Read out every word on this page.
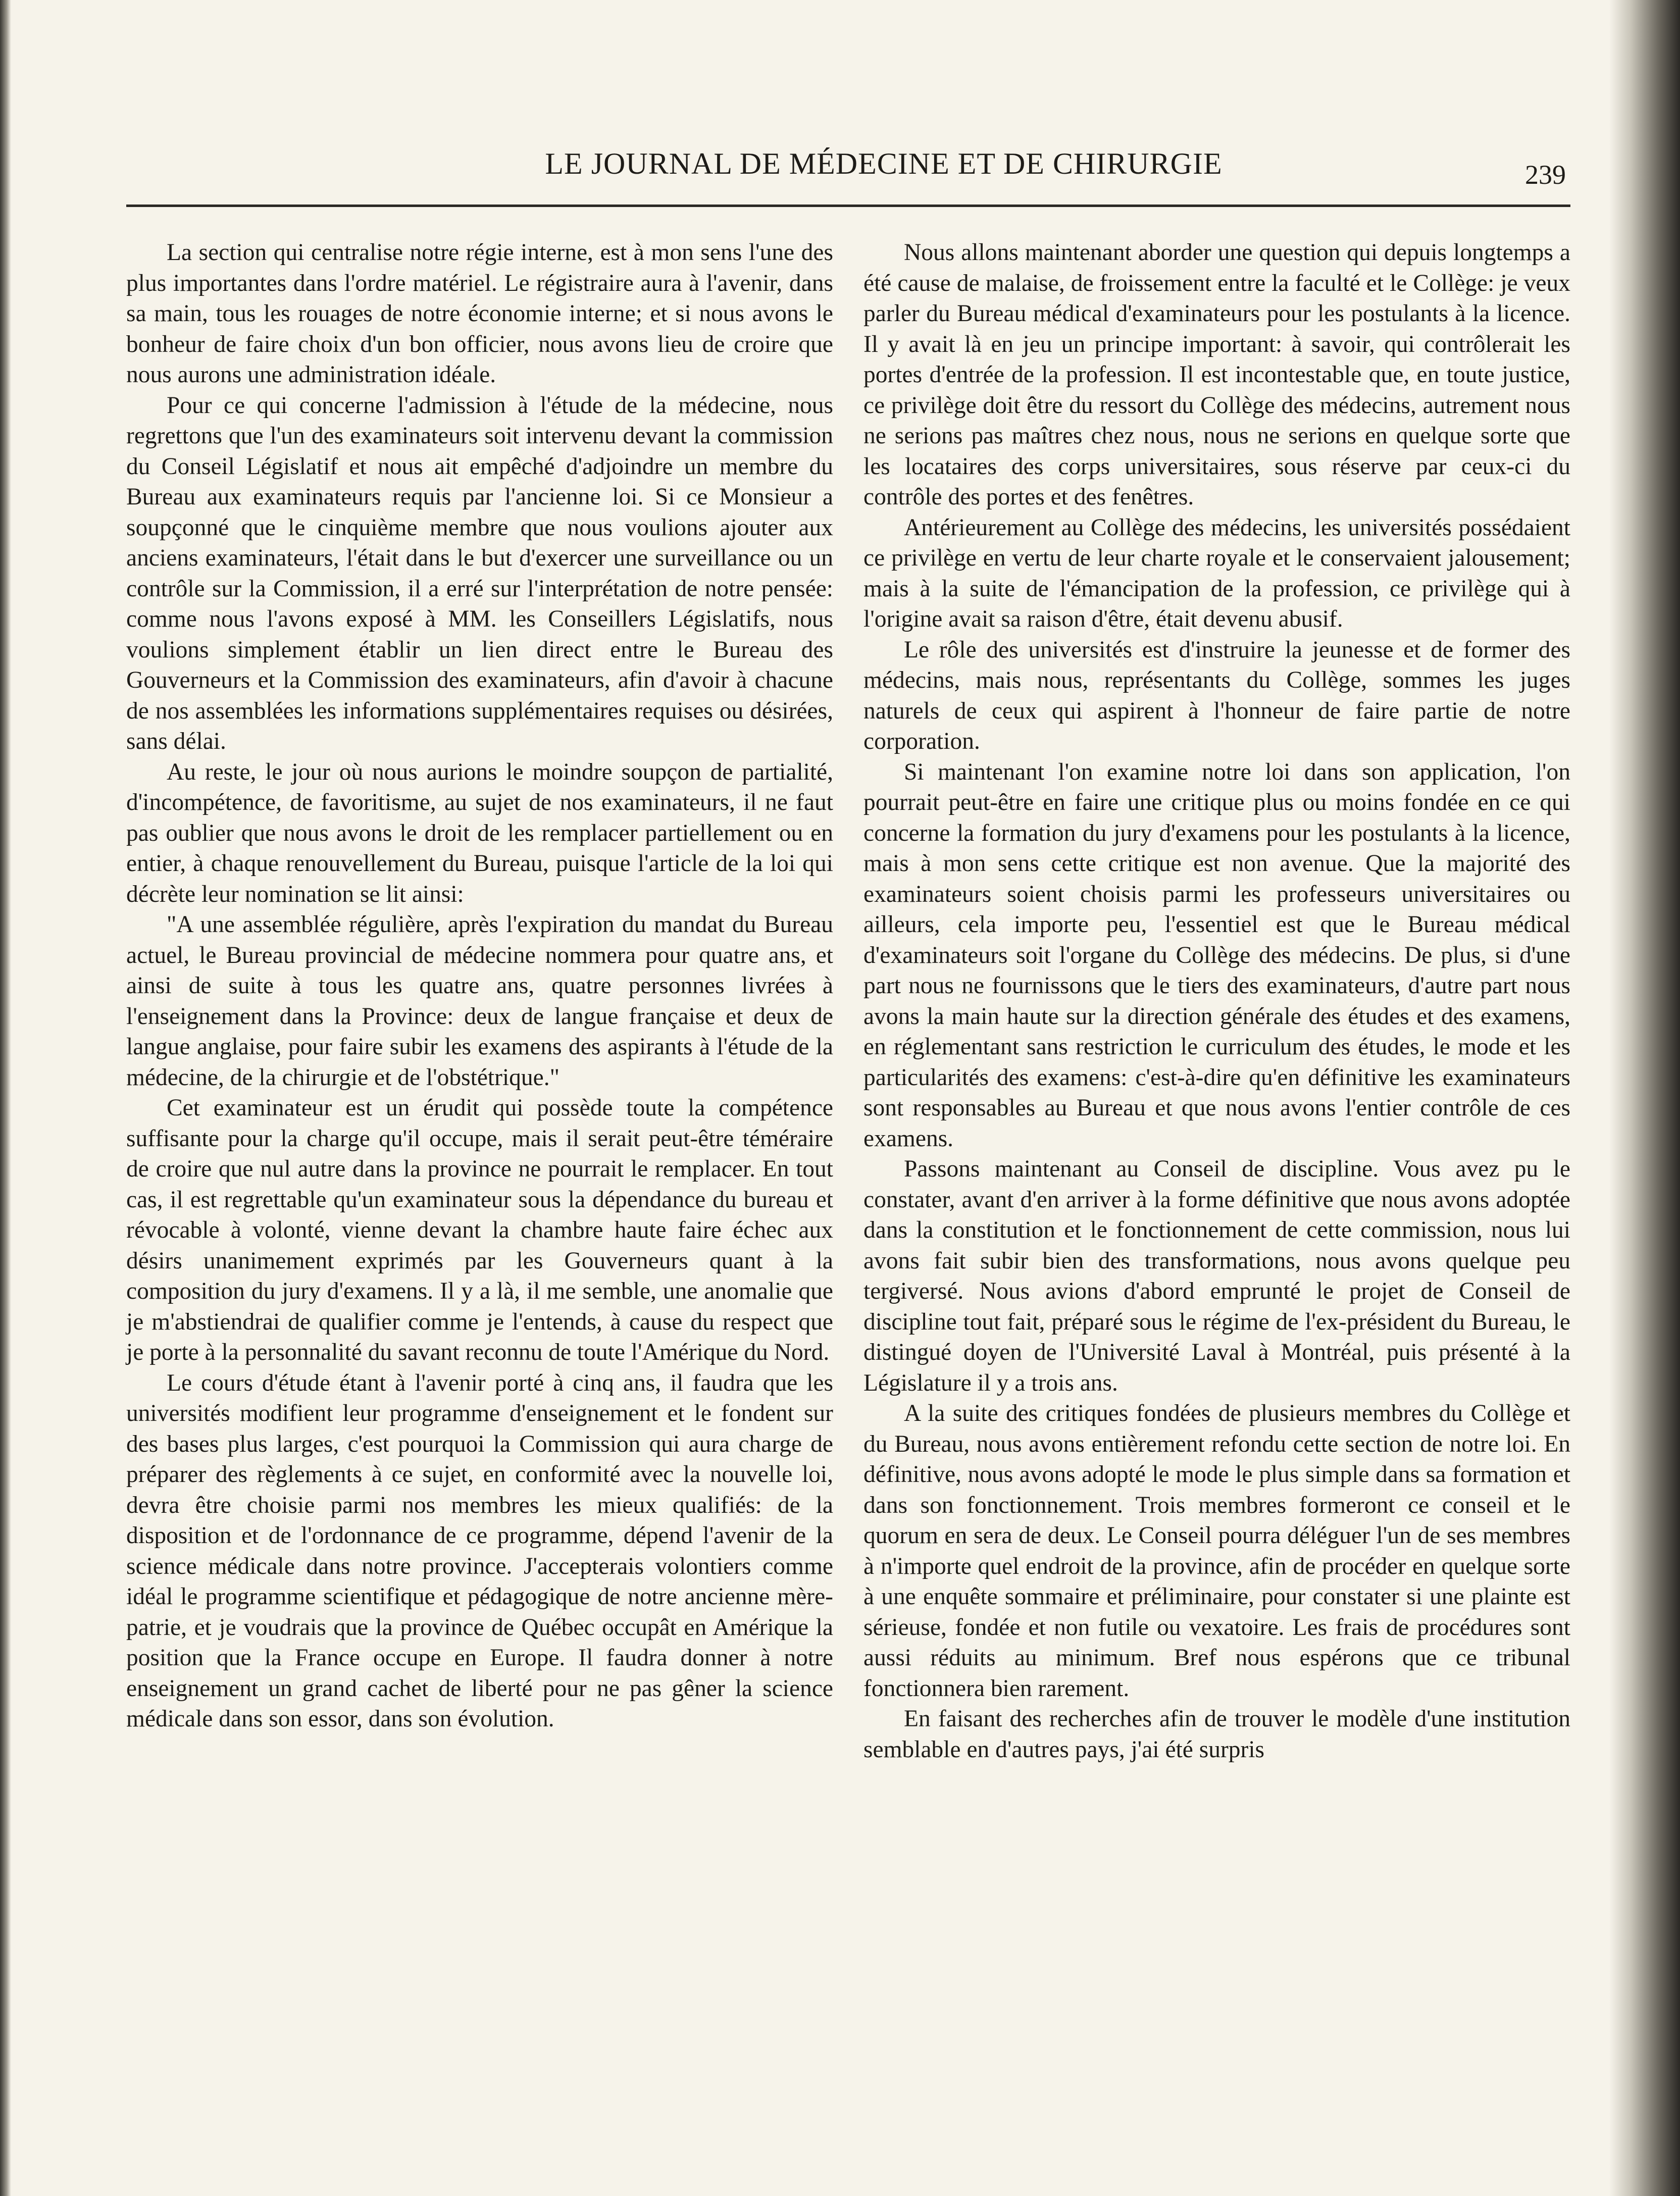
LE JOURNAL DE MÉDECINE ET DE CHIRURGIE	239

La section qui centralise notre régie interne, est à mon sens l'une des plus importantes dans l'ordre matériel. Le régistraire aura à l'avenir, dans sa main, tous les rouages de notre économie interne; et si nous avons le bonheur de faire choix d'un bon officier, nous avons lieu de croire que nous aurons une administration idéale.

Pour ce qui concerne l'admission à l'étude de la médecine, nous regrettons que l'un des examinateurs soit intervenu devant la commission du Conseil Législatif et nous ait empêché d'adjoindre un membre du Bureau aux examinateurs requis par l'ancienne loi. Si ce Monsieur a soupçonné que le cinquième membre que nous voulions ajouter aux anciens examinateurs, l'était dans le but d'exercer une surveillance ou un contrôle sur la Commission, il a erré sur l'interprétation de notre pensée: comme nous l'avons exposé à MM. les Conseillers Législatifs, nous voulions simplement établir un lien direct entre le Bureau des Gouverneurs et la Commission des examinateurs, afin d'avoir à chacune de nos assemblées les informations supplémentaires requises ou désirées, sans délai.

Au reste, le jour où nous aurions le moindre soupçon de partialité, d'incompétence, de favoritisme, au sujet de nos examinateurs, il ne faut pas oublier que nous avons le droit de les remplacer partiellement ou en entier, à chaque renouvellement du Bureau, puisque l'article de la loi qui décrète leur nomination se lit ainsi:

"A une assemblée régulière, après l'expiration du mandat du Bureau actuel, le Bureau provincial de médecine nommera pour quatre ans, et ainsi de suite à tous les quatre ans, quatre personnes livrées à l'enseignement dans la Province: deux de langue française et deux de langue anglaise, pour faire subir les examens des aspirants à l'étude de la médecine, de la chirurgie et de l'obstétrique."

Cet examinateur est un érudit qui possède toute la compétence suffisante pour la charge qu'il occupe, mais il serait peut-être téméraire de croire que nul autre dans la province ne pourrait le remplacer. En tout cas, il est regrettable qu'un examinateur sous la dépendance du bureau et révocable à volonté, vienne devant la chambre haute faire échec aux désirs unanimement exprimés par les Gouverneurs quant à la composition du jury d'examens. Il y a là, il me semble, une anomalie que je m'abstiendrai de qualifier comme je l'entends, à cause du respect que je porte à la personnalité du savant reconnu de toute l'Amérique du Nord.

Le cours d'étude étant à l'avenir porté à cinq ans, il faudra que les universités modifient leur programme d'enseignement et le fondent sur des bases plus larges, c'est pourquoi la Commission qui aura charge de préparer des règlements à ce sujet, en conformité avec la nouvelle loi, devra être choisie parmi nos membres les mieux qualifiés: de la disposition et de l'ordonnance de ce programme, dépend l'avenir de la science médicale dans notre province. J'accepterais volontiers comme idéal le programme scientifique et pédagogique de notre ancienne mère-patrie, et je voudrais que la province de Québec occupât en Amérique la position que la France occupe en Europe. Il faudra donner à notre enseignement un grand cachet de liberté pour ne pas gêner la science médicale dans son essor, dans son évolution.

Nous allons maintenant aborder une question qui depuis longtemps a été cause de malaise, de froissement entre la faculté et le Collège: je veux parler du Bureau médical d'examinateurs pour les postulants à la licence. Il y avait là en jeu un principe important: à savoir, qui contrôlerait les portes d'entrée de la profession. Il est incontestable que, en toute justice, ce privilège doit être du ressort du Collège des médecins, autrement nous ne serions pas maîtres chez nous, nous ne serions en quelque sorte que les locataires des corps universitaires, sous réserve par ceux-ci du contrôle des portes et des fenêtres.

Antérieurement au Collège des médecins, les universités possédaient ce privilège en vertu de leur charte royale et le conservaient jalousement; mais à la suite de l'émancipation de la profession, ce privilège qui à l'origine avait sa raison d'être, était devenu abusif.

Le rôle des universités est d'instruire la jeunesse et de former des médecins, mais nous, représentants du Collège, sommes les juges naturels de ceux qui aspirent à l'honneur de faire partie de notre corporation.

Si maintenant l'on examine notre loi dans son application, l'on pourrait peut-être en faire une critique plus ou moins fondée en ce qui concerne la formation du jury d'examens pour les postulants à la licence, mais à mon sens cette critique est non avenue. Que la majorité des examinateurs soient choisis parmi les professeurs universitaires ou ailleurs, cela importe peu, l'essentiel est que le Bureau médical d'examinateurs soit l'organe du Collège des médecins. De plus, si d'une part nous ne fournissons que le tiers des examinateurs, d'autre part nous avons la main haute sur la direction générale des études et des examens, en réglementant sans restriction le curriculum des études, le mode et les particularités des examens: c'est-à-dire qu'en définitive les examinateurs sont responsables au Bureau et que nous avons l'entier contrôle de ces examens.

Passons maintenant au Conseil de discipline. Vous avez pu le constater, avant d'en arriver à la forme définitive que nous avons adoptée dans la constitution et le fonctionnement de cette commission, nous lui avons fait subir bien des transformations, nous avons quelque peu tergiversé. Nous avions d'abord emprunté le projet de Conseil de discipline tout fait, préparé sous le régime de l'ex-président du Bureau, le distingué doyen de l'Université Laval à Montréal, puis présenté à la Législature il y a trois ans.

A la suite des critiques fondées de plusieurs membres du Collège et du Bureau, nous avons entièrement refondu cette section de notre loi. En définitive, nous avons adopté le mode le plus simple dans sa formation et dans son fonctionnement. Trois membres formeront ce conseil et le quorum en sera de deux. Le Conseil pourra déléguer l'un de ses membres à n'importe quel endroit de la province, afin de procéder en quelque sorte à une enquête sommaire et préliminaire, pour constater si une plainte est sérieuse, fondée et non futile ou vexatoire. Les frais de procédures sont aussi réduits au minimum. Bref nous espérons que ce tribunal fonctionnera bien rarement.

En faisant des recherches afin de trouver le modèle d'une institution semblable en d'autres pays, j'ai été surpris
